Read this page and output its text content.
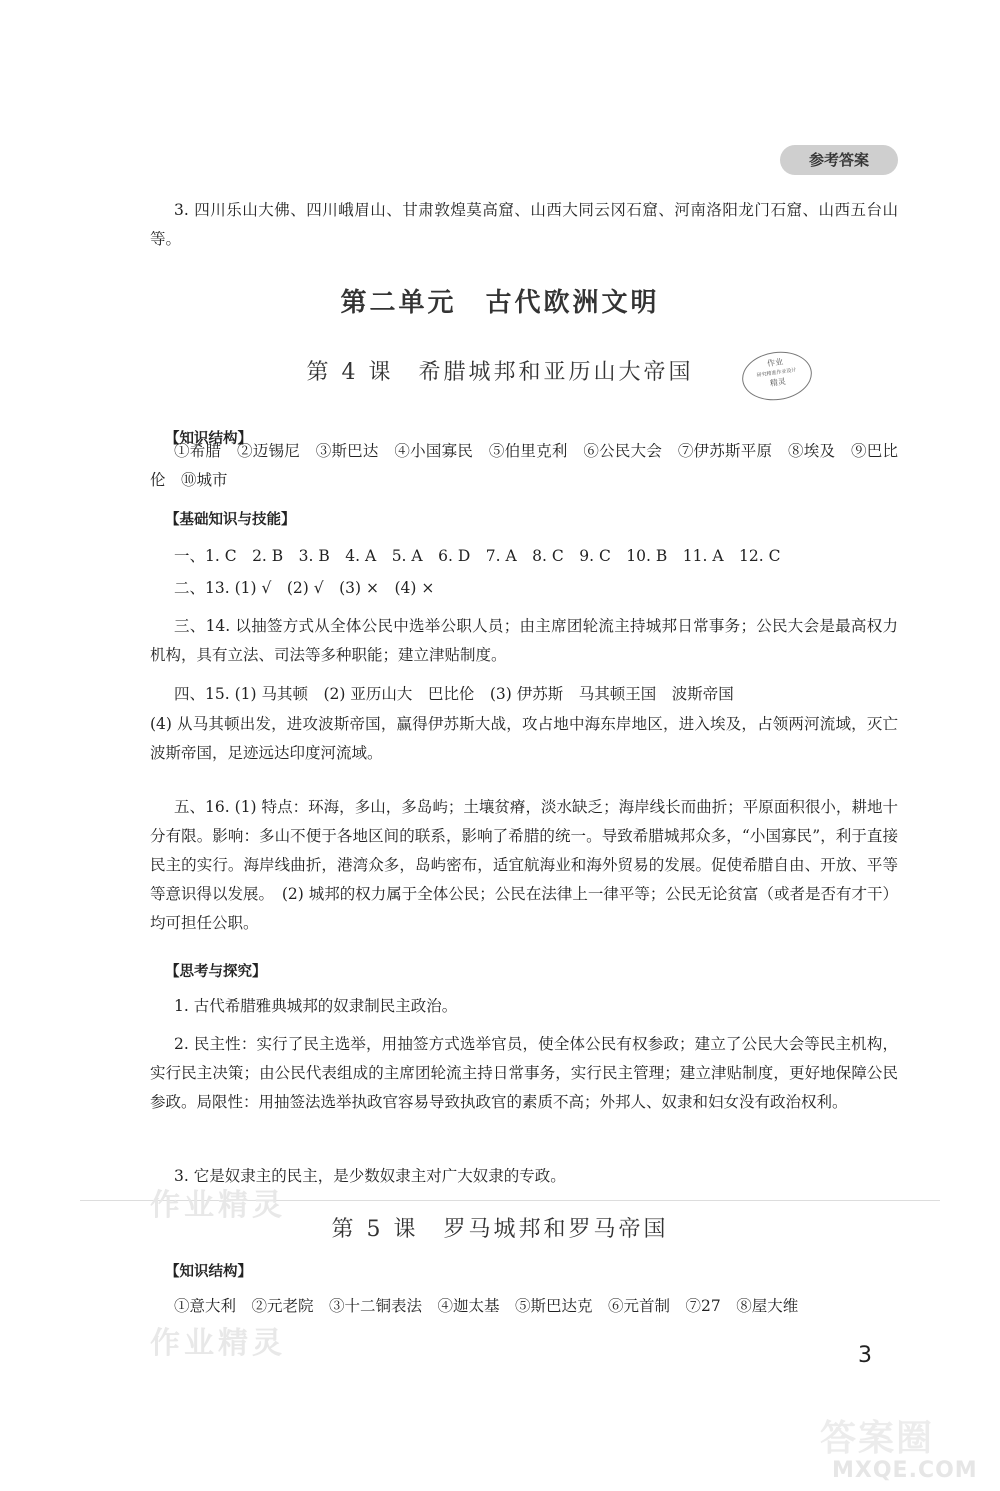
参考答案
3. 四川乐山大佛、四川峨眉山、甘肃敦煌莫高窟、山西大同云冈石窟、河南洛阳龙门石窟、山西五台山等。
第二单元　古代欧洲文明
第 4 课　希腊城邦和亚历山大帝国	作业
研究精准作业设计
精灵
【知识结构】
①希腊　②迈锡尼　③斯巴达　④小国寡民　⑤伯里克利　⑥公民大会　⑦伊苏斯平原　⑧埃及　⑨巴比伦　⑩城市
【基础知识与技能】
一、1. C　2. B　3. B　4. A　5. A　6. D　7. A　8. C　9. C　10. B　11. A　12. C
二、13. (1) √　(2) √　(3) ×　(4) ×
三、14. 以抽签方式从全体公民中选举公职人员；由主席团轮流主持城邦日常事务；公民大会是最高权力机构，具有立法、司法等多种职能；建立津贴制度。
四、15. (1) 马其顿　(2) 亚历山大　巴比伦　(3) 伊苏斯　马其顿王国　波斯帝国
(4) 从马其顿出发，进攻波斯帝国，赢得伊苏斯大战，攻占地中海东岸地区，进入埃及，占领两河流域，灭亡波斯帝国，足迹远达印度河流域。
五、16. (1) 特点：环海，多山，多岛屿；土壤贫瘠，淡水缺乏；海岸线长而曲折；平原面积很小，耕地十分有限。影响：多山不便于各地区间的联系，影响了希腊的统一。导致希腊城邦众多，“小国寡民”，利于直接民主的实行。海岸线曲折，港湾众多，岛屿密布，适宜航海业和海外贸易的发展。促使希腊自由、开放、平等等意识得以发展。　(2) 城邦的权力属于全体公民；公民在法律上一律平等；公民无论贫富（或者是否有才干）均可担任公职。
【思考与探究】
1. 古代希腊雅典城邦的奴隶制民主政治。
2. 民主性：实行了民主选举，用抽签方式选举官员，使全体公民有权参政；建立了公民大会等民主机构，实行民主决策；由公民代表组成的主席团轮流主持日常事务，实行民主管理；建立津贴制度，更好地保障公民参政。局限性：用抽签法选举执政官容易导致执政官的素质不高；外邦人、奴隶和妇女没有政治权利。
3. 它是奴隶主的民主，是少数奴隶主对广大奴隶的专政。
作业精灵
第 5 课　罗马城邦和罗马帝国
【知识结构】
①意大利　②元老院　③十二铜表法　④迦太基　⑤斯巴达克　⑥元首制　⑦27　⑧屋大维
作业精灵	3
答案圈
MXQE.COM
